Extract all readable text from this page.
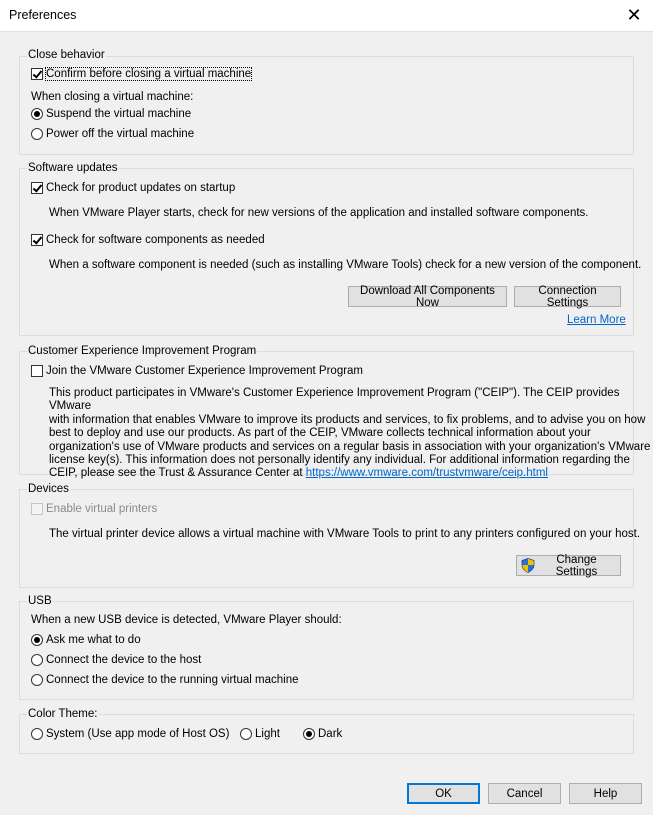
Preferences	✕
Close behavior
Confirm before closing a virtual machine
When closing a virtual machine:
Suspend the virtual machine
Power off the virtual machine
Software updates
Check for product updates on startup
When VMware Player starts, check for new versions of the application and installed software components.
Check for software components as needed
When a software component is needed (such as installing VMware Tools) check for a new version of the component.
Download All Components Now
Connection Settings
Learn More
Customer Experience Improvement Program
Join the VMware Customer Experience Improvement Program
This product participates in VMware's Customer Experience Improvement Program ("CEIP"). The CEIP provides VMware
with information that enables VMware to improve its products and services, to fix problems, and to advise you on how
best to deploy and use our products. As part of the CEIP, VMware collects technical information about your
organization's use of VMware products and services on a regular basis in association with your organization's VMware
license key(s). This information does not personally identify any individual. For additional information regarding the
CEIP, please see the Trust & Assurance Center at https://www.vmware.com/trustvmware/ceip.html
Devices
Enable virtual printers
The virtual printer device allows a virtual machine with VMware Tools to print to any printers configured on your host.
Change Settings
USB
When a new USB device is detected, VMware Player should:
Ask me what to do
Connect the device to the host
Connect the device to the running virtual machine
Color Theme:
System (Use app mode of Host OS) Light	Dark
OK	Cancel	Help
